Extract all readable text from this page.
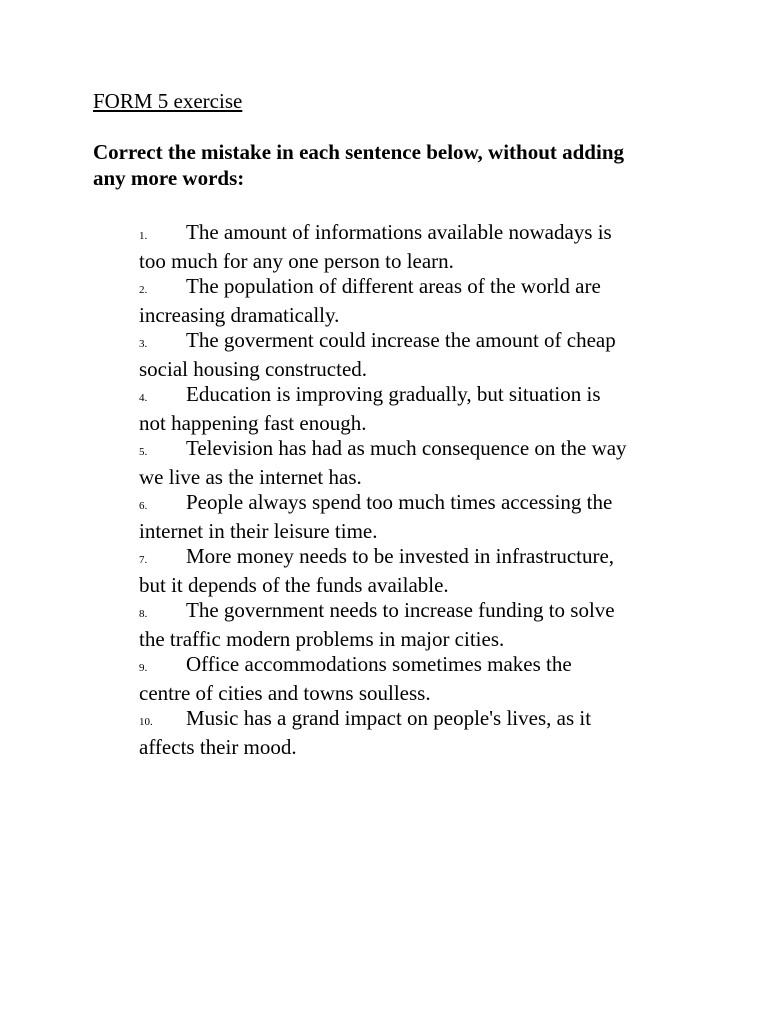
FORM 5 exercise

Correct the mistake in each sentence below, without adding any more words:

1. The amount of informations available nowadays is
too much for any one person to learn.
2. The population of different areas of the world are
increasing dramatically.
3. The goverment could increase the amount of cheap
social housing constructed.
4. Education is improving gradually, but situation is
not happening fast enough.
5. Television has had as much consequence on the way
we live as the internet has.
6. People always spend too much times accessing the
internet in their leisure time.
7. More money needs to be invested in infrastructure,
but it depends of the funds available.
8. The government needs to increase funding to solve
the traffic modern problems in major cities.
9. Office accommodations sometimes makes the
centre of cities and towns soulless.
10. Music has a grand impact on people's lives, as it
affects their mood.
